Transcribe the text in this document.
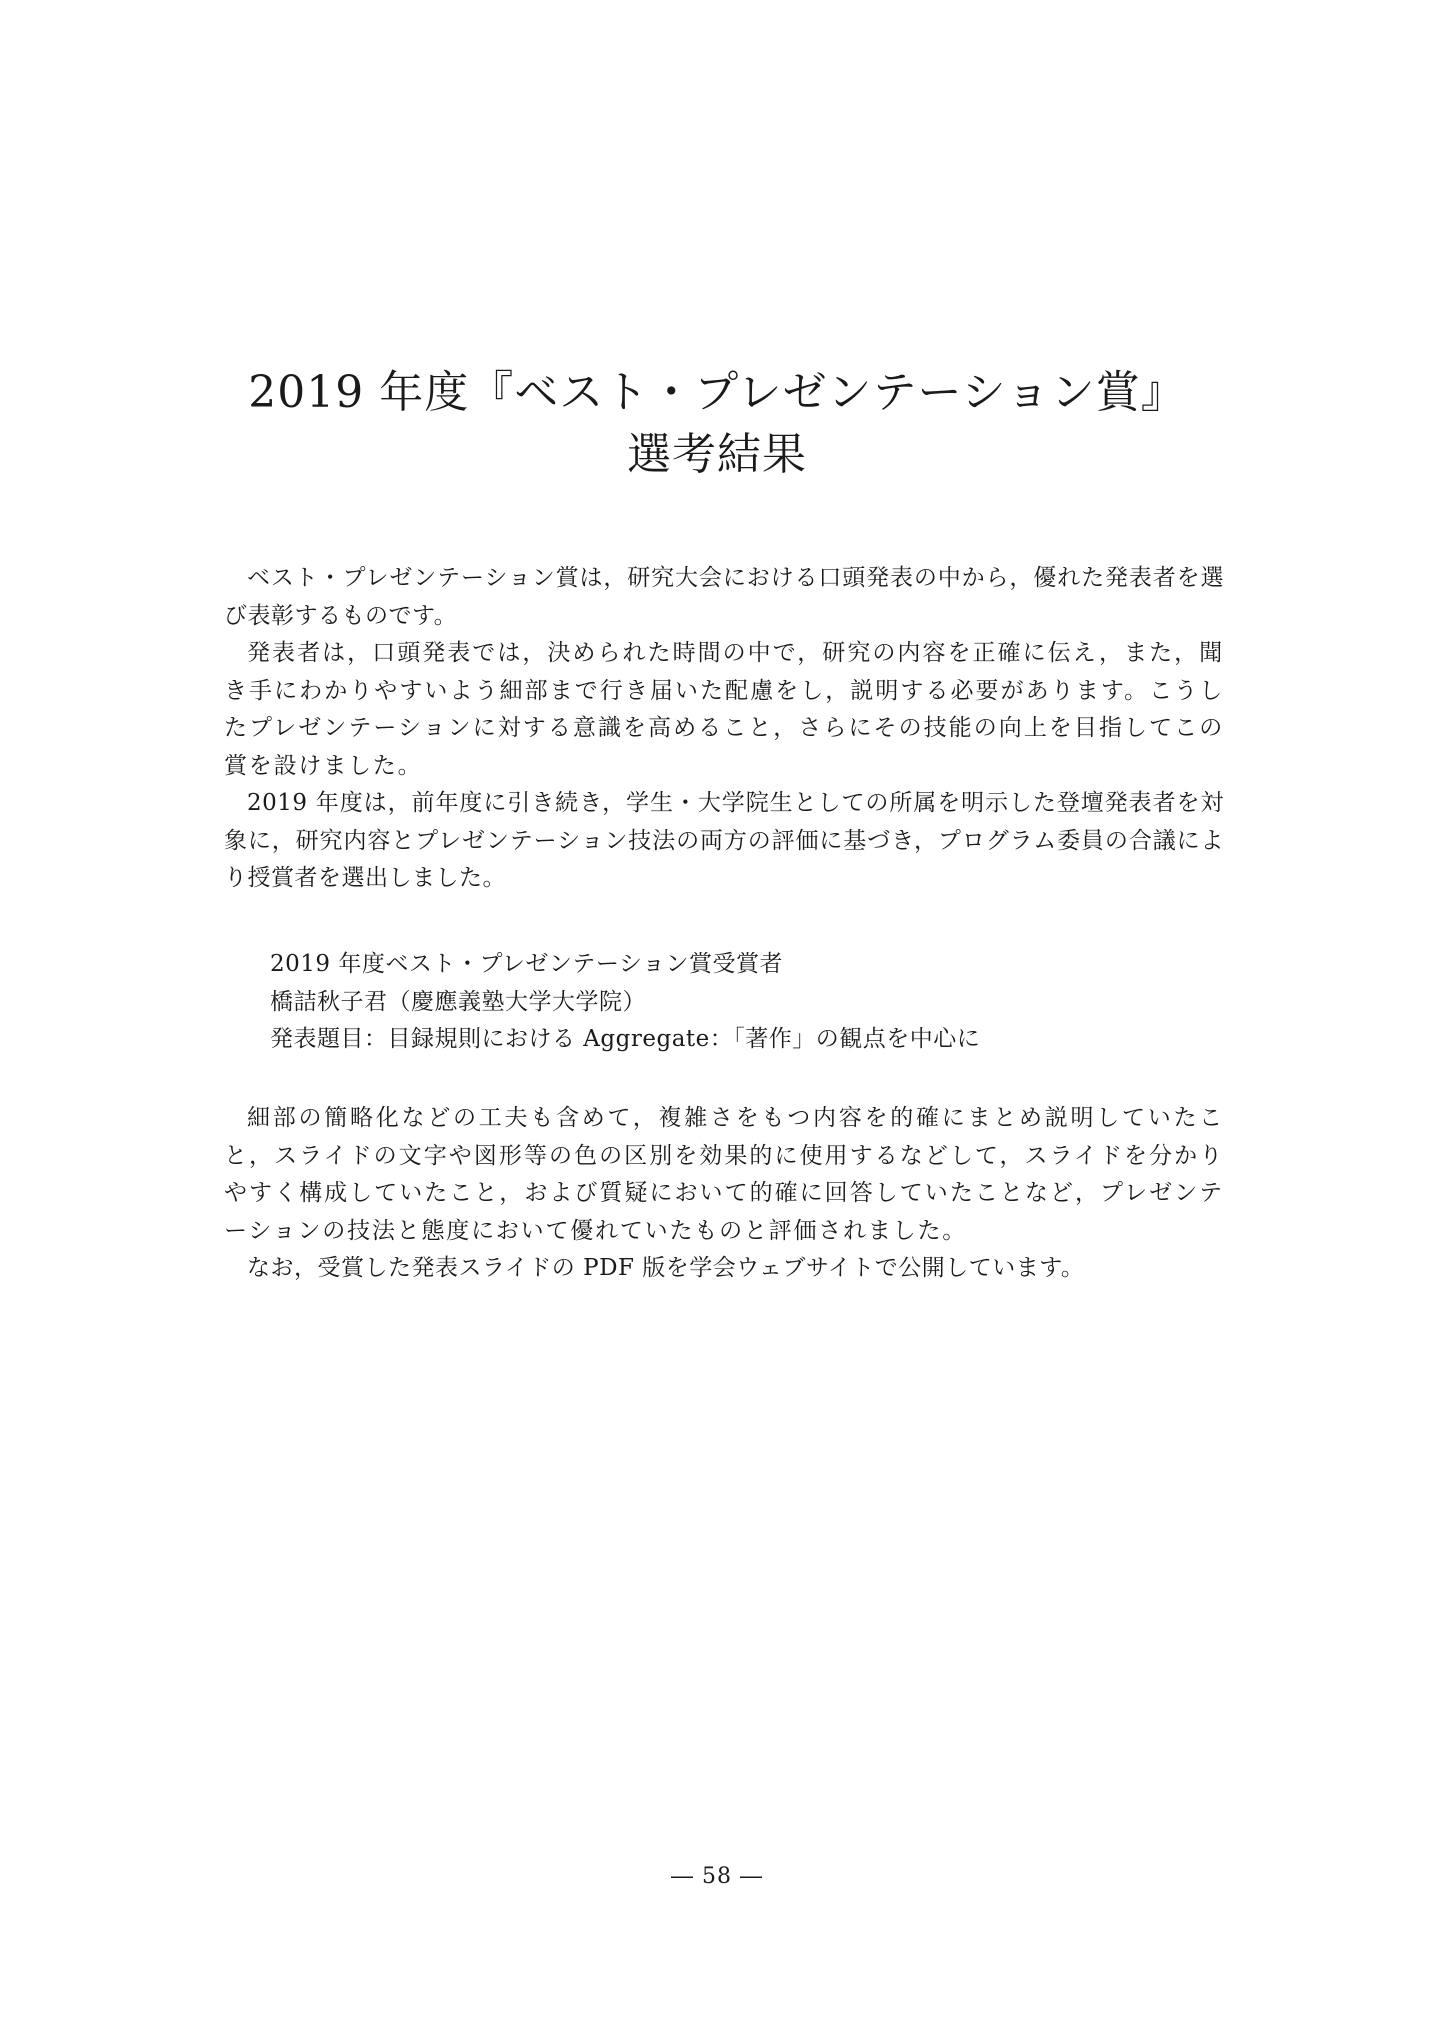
2019 年度『ベスト・プレゼンテーション賞』
選考結果

ベスト・プレゼンテーション賞は，研究大会における口頭発表の中から，優れた発表者を選び表彰するものです。

発表者は，口頭発表では，決められた時間の中で，研究の内容を正確に伝え，また，聞き手にわかりやすいよう細部まで行き届いた配慮をし，説明する必要があります。こうしたプレゼンテーションに対する意識を高めること，さらにその技能の向上を目指してこの賞を設けました。

2019 年度は，前年度に引き続き，学生・大学院生としての所属を明示した登壇発表者を対象に，研究内容とプレゼンテーション技法の両方の評価に基づき，プログラム委員の合議により授賞者を選出しました。

2019 年度ベスト・プレゼンテーション賞受賞者
橋詰秋子君（慶應義塾大学大学院）
発表題目：目録規則における Aggregate：「著作」の観点を中心に

細部の簡略化などの工夫も含めて，複雑さをもつ内容を的確にまとめ説明していたこと，スライドの文字や図形等の色の区別を効果的に使用するなどして，スライドを分かりやすく構成していたこと，および質疑において的確に回答していたことなど，プレゼンテーションの技法と態度において優れていたものと評価されました。

なお，受賞した発表スライドの PDF 版を学会ウェブサイトで公開しています。

― 58 ―
